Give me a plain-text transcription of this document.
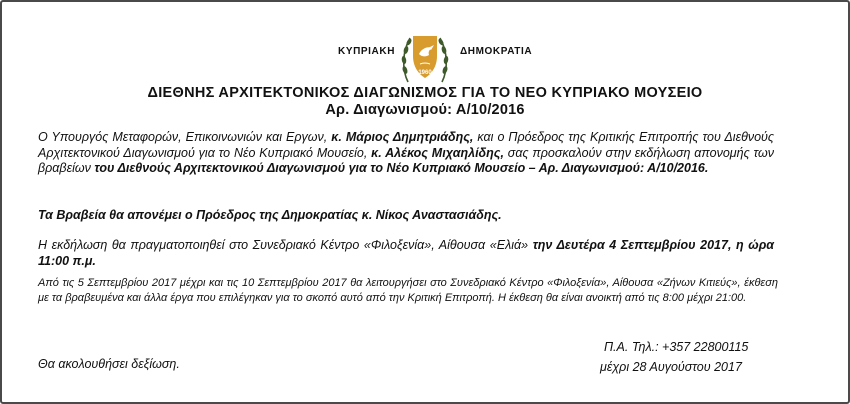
ΚΥΠΡΙΑΚΗ
1960
ΔΗΜΟΚΡΑΤΙΑ
ΔΙΕΘΝΗΣ ΑΡΧΙΤΕΚΤΟΝΙΚΟΣ ΔΙΑΓΩΝΙΣΜΟΣ ΓΙΑ ΤΟ ΝΕΟ ΚΥΠΡΙΑΚΟ ΜΟΥΣΕΙΟ
Αρ. Διαγωνισμού: Α/10/2016
Ο Υπουργός Μεταφορών, Επικοινωνιών και Εργων, κ. Μάριος Δημητριάδης, και ο Πρόεδρος της Κριτικής Επιτροπής του Διεθνούς Αρχιτεκτονικού Διαγωνισμού για το Νέο Κυπριακό Μουσείο, κ. Αλέκος Μιχαηλίδης, σας προσκαλούν στην εκδήλωση απονομής των βραβείων του Διεθνούς Αρχιτεκτονικού Διαγωνισμού για το Νέο Κυπριακό Μουσείο – Αρ. Διαγωνισμού: Α/10/2016.
Τα Βραβεία θα απονέμει ο Πρόεδρος της Δημοκρατίας κ. Νίκος Αναστασιάδης.
Η εκδήλωση θα πραγματοποιηθεί στο Συνεδριακό Κέντρο «Φιλοξενία», Αίθουσα «Ελιά» την Δευτέρα 4 Σεπτεμβρίου 2017, η ώρα 11:00 π.μ.
Από τις 5 Σεπτεμβρίου 2017 μέχρι και τις 10 Σεπτεμβρίου 2017 θα λειτουργήσει στο Συνεδριακό Κέντρο «Φιλοξενία», Αίθουσα «Ζήνων Κιτιεύς», έκθεση με τα βραβευμένα και άλλα έργα που επιλέγηκαν για το σκοπό αυτό από την Κριτική Επιτροπή. Η έκθεση θα είναι ανοικτή από τις 8:00 μέχρι 21:00.
Π.Α. Τηλ.: +357 22800115
μέχρι 28 Αυγούστου 2017
Θα ακολουθήσει δεξίωση.
